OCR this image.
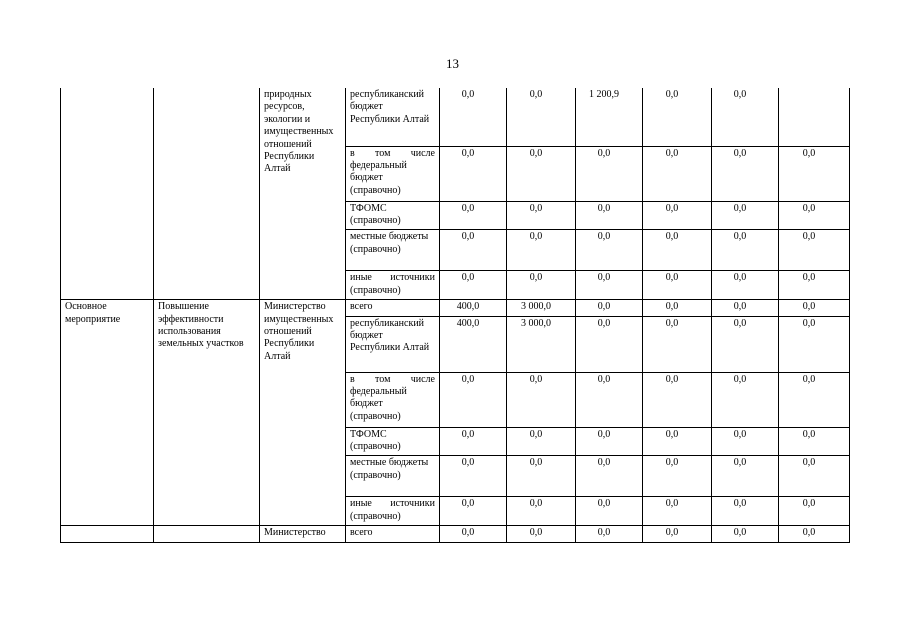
13
		природных ресурсов, экологии и имущественных отношений Республики Алтай	республиканский бюджет Республики Алтай	0,0	0,0	1 200,9	0,0	0,0	
			в том числе федеральный бюджет (справочно)	0,0	0,0	0,0	0,0	0,0	0,0
			ТФОМС (справочно)	0,0	0,0	0,0	0,0	0,0	0,0
			местные бюджеты (справочно)	0,0	0,0	0,0	0,0	0,0	0,0
			иные источники (справочно)	0,0	0,0	0,0	0,0	0,0	0,0
Основное мероприятие	Повышение эффективности использования земельных участков	Министерство имущественных отношений Республики Алтай	всего	400,0	3 000,0	0,0	0,0	0,0	0,0
			республиканский бюджет Республики Алтай	400,0	3 000,0	0,0	0,0	0,0	0,0
			в том числе федеральный бюджет (справочно)	0,0	0,0	0,0	0,0	0,0	0,0
			ТФОМС (справочно)	0,0	0,0	0,0	0,0	0,0	0,0
			местные бюджеты (справочно)	0,0	0,0	0,0	0,0	0,0	0,0
			иные источники (справочно)	0,0	0,0	0,0	0,0	0,0	0,0
		Министерство	всего	0,0	0,0	0,0	0,0	0,0	0,0
